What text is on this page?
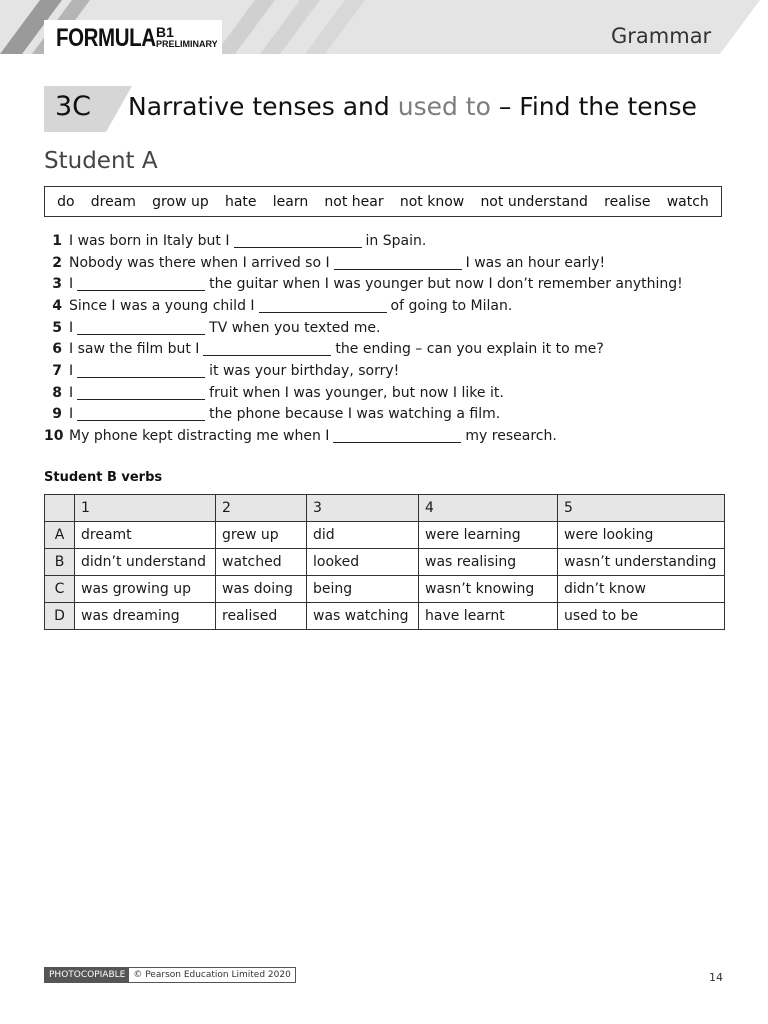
FORMULA B1
PRELIMINARY	Grammar
3C Narrative tenses and used to – Find the tense
Student A
do dream grow up hate learn not hear not know not understand realise watch
1 I was born in Italy but I	in Spain.
2 Nobody was there when I arrived so I	I was an hour early!
3 I	the guitar when I was younger but now I don’t remember anything!
4 Since I was a young child I	of going to Milan.
5 I	TV when you texted me.
6 I saw the film but I	the ending – can you explain it to me?
7 I	it was your birthday, sorry!
8 I	fruit when I was younger, but now I like it.
9 I	the phone because I was watching a film.
10 My phone kept distracting me when I	my research.
Student B verbs
	1	2	3	4	5
A	dreamt	grew up	did	were learning	were looking
B	didn’t understand	watched	looked	was realising	wasn’t understanding
C	was growing up	was doing	being	wasn’t knowing	didn’t know
D	was dreaming	realised	was watching	have learnt	used to be
PHOTOCOPIABLE © Pearson Education Limited 2020	14
